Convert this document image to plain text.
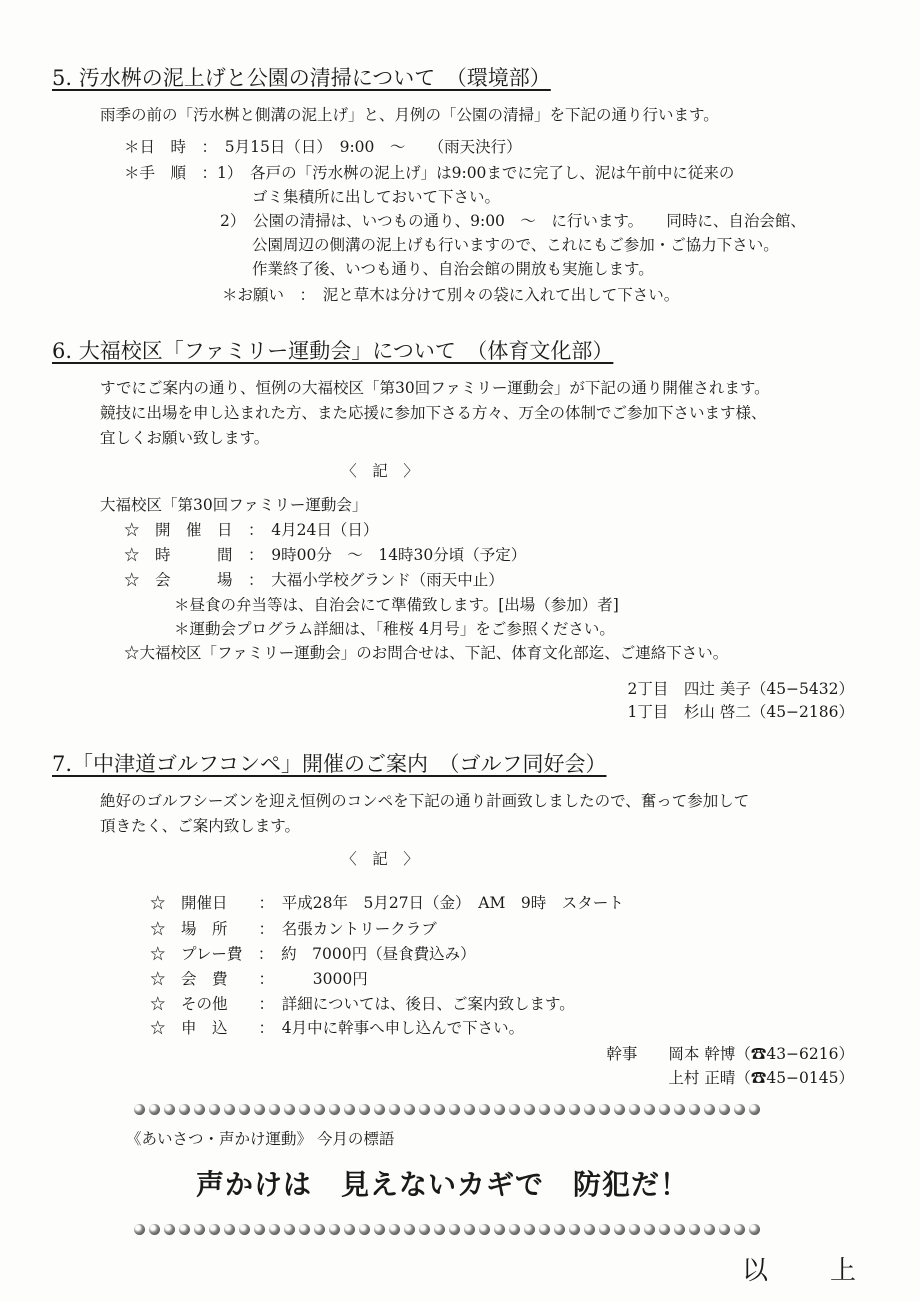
5. 汚水桝の泥上げと公園の清掃について　（環境部）
雨季の前の「汚水桝と側溝の泥上げ」と、月例の「公園の清掃」を下記の通り行います。
＊日　時　：　5月15日（日）　9:00　〜　　（雨天決行）
＊手　順　：1）　各戸の「汚水桝の泥上げ」は9:00までに完了し、泥は午前中に従来の
ゴミ集積所に出しておいて下さい。
2）　公園の清掃は、いつもの通り、9:00　〜　に行います。　　同時に、自治会館、
公園周辺の側溝の泥上げも行いますので、これにもご参加・ご協力下さい。
作業終了後、いつも通り、自治会館の開放も実施します。
＊お願い　：　泥と草木は分けて別々の袋に入れて出して下さい。
6. 大福校区「ファミリー運動会」について　（体育文化部）
すでにご案内の通り、恒例の大福校区「第30回ファミリー運動会」が下記の通り開催されます。
競技に出場を申し込まれた方、また応援に参加下さる方々、万全の体制でご参加下さいます様、
宜しくお願い致します。
〈　記　〉
大福校区「第30回ファミリー運動会」
☆　開　催　日　：　4月24日（日）
☆　時　　　間　：　9時00分　〜　14時30分頃（予定）
☆　会　　　場　：　大福小学校グランド（雨天中止）
＊昼食の弁当等は、自治会にて準備致します。[出場（参加）者]
＊運動会プログラム詳細は、「稚桜 4月号」をご参照ください。
☆大福校区「ファミリー運動会」のお問合せは、下記、体育文化部迄、ご連絡下さい。
2丁目　四辻 美子（45−5432）
1丁目　杉山 啓二（45−2186）
7.「中津道ゴルフコンペ」開催のご案内　（ゴルフ同好会）
絶好のゴルフシーズンを迎え恒例のコンペを下記の通り計画致しましたので、奮って参加して
頂きたく、ご案内致します。
〈　記　〉
☆　開催日　　：　平成28年　5月27日（金）　AM　9時　スタート
☆　場　所　　：　名張カントリークラブ
☆　プレー費　：　約　7000円（昼食費込み）
☆　会　費　　：　　　3000円
☆　その他　　：　詳細については、後日、ご案内致します。
☆　申　込　　：　4月中に幹事へ申し込んで下さい。
幹事　　岡本 幹博（☎43−6216）
上村 正晴（☎45−0145）
《あいさつ・声かけ運動》 今月の標語
声かけは　見えないカギで　防犯だ！
以　上
